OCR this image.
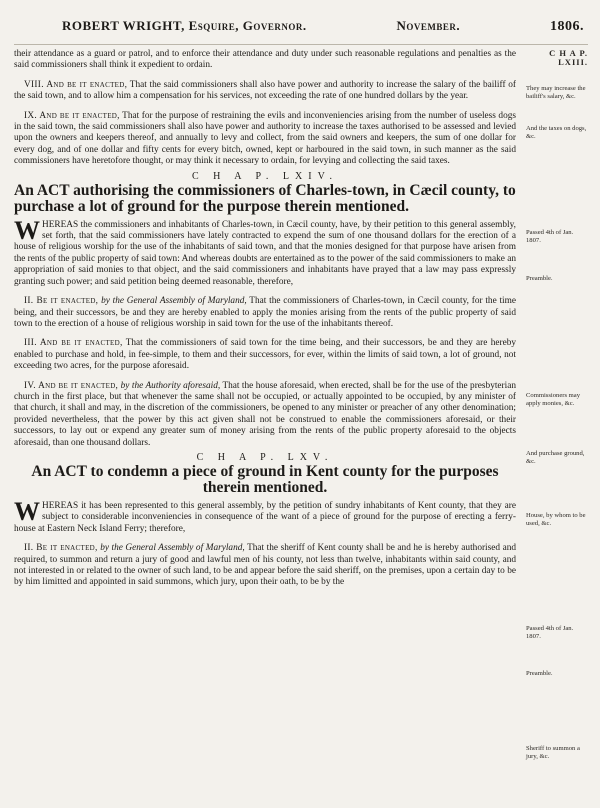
ROBERT WRIGHT, Esquire, Governor.	November.	1806.

their attendance as a guard or patrol, and to enforce their attendance and duty under such reasonable regulations and penalties as the said commissioners shall think it expedient to ordain.

VIII. And be it enacted, That the said commissioners shall also have power and authority to increase the salary of the bailiff of the said town, and to allow him a compensation for his services, not exceeding the rate of one hundred dollars by the year.

IX. And be it enacted, That for the purpose of restraining the evils and inconveniencies arising from the number of useless dogs in the said town, the said commissioners shall also have power and authority to increase the taxes authorised to be assessed and levied upon the owners and keepers thereof, and annually to levy and collect, from the said owners and keepers, the sum of one dollar for every dog, and of one dollar and fifty cents for every bitch, owned, kept or harboured in the said town, in such manner as the said commissioners have heretofore thought, or may think it necessary to ordain, for levying and collecting the said taxes.

C H A P. LXIV.

An ACT authorising the commissioners of Charles-town, in Cæcil county, to purchase a lot of ground for the purpose therein mentioned.

WHEREAS the commissioners and inhabitants of Charles-town, in Cæcil county, have, by their petition to this general assembly, set forth, that the said commissioners have lately contracted to expend the sum of one thousand dollars for the erection of a house of religious worship for the use of the inhabitants of said town, and that the monies designed for that purpose have arisen from the rents of the public property of said town: And whereas doubts are entertained as to the power of the said commissioners to make an appropriation of said monies to that object, and the said commissioners and inhabitants have prayed that a law may pass expressly granting such power; and said petition being deemed reasonable, therefore,

II. Be it enacted, by the General Assembly of Maryland, That the commissioners of Charles-town, in Cæcil county, for the time being, and their successors, be and they are hereby enabled to apply the monies arising from the rents of the public property of said town to the erection of a house of religious worship in said town for the use of the inhabitants thereof.

III. And be it enacted, That the commissioners of said town for the time being, and their successors, be and they are hereby enabled to purchase and hold, in fee-simple, to them and their successors, for ever, within the limits of said town, a lot of ground, not exceeding two acres, for the purpose aforesaid.

IV. And be it enacted, by the Authority aforesaid, That the house aforesaid, when erected, shall be for the use of the presbyterian church in the first place, but that whenever the same shall not be occupied, or actually appointed to be occupied, by any minister of that church, it shall and may, in the discretion of the commissioners, be opened to any minister or preacher of any other denomination; provided nevertheless, that the power by this act given shall not be construed to enable the commissioners aforesaid, or their successors, to lay out or expend any greater sum of money arising from the rents of the public property aforesaid to the objects aforesaid, than one thousand dollars.

C H A P. LXV.

An ACT to condemn a piece of ground in Kent county for the purposes therein mentioned.

WHEREAS it has been represented to this general assembly, by the petition of sundry inhabitants of Kent county, that they are subject to considerable inconveniencies in consequence of the want of a piece of ground for the purpose of erecting a ferry-house at Eastern Neck Island Ferry; therefore,

II. Be it enacted, by the General Assembly of Maryland, That the sheriff of Kent county shall be and he is hereby authorised and required, to summon and return a jury of good and lawful men of his county, not less than twelve, inhabitants within said county, and not interested in or related to the owner of such land, to be and appear before the said sheriff, on the premises, upon a certain day to be by him limitted and appointed in said summons, which jury, upon their oath, to be by the

C H A P.
LXIII.
They may increase the bailiff's salary, &c.
And the taxes on dogs, &c.
Passed 4th of Jan. 1807.
Preamble.
Commissioners may apply monies, &c.
And purchase ground, &c.
House, by whom to be used, &c.
Passed 4th of Jan. 1807.
Preamble.
Sheriff to summon a jury, &c.
